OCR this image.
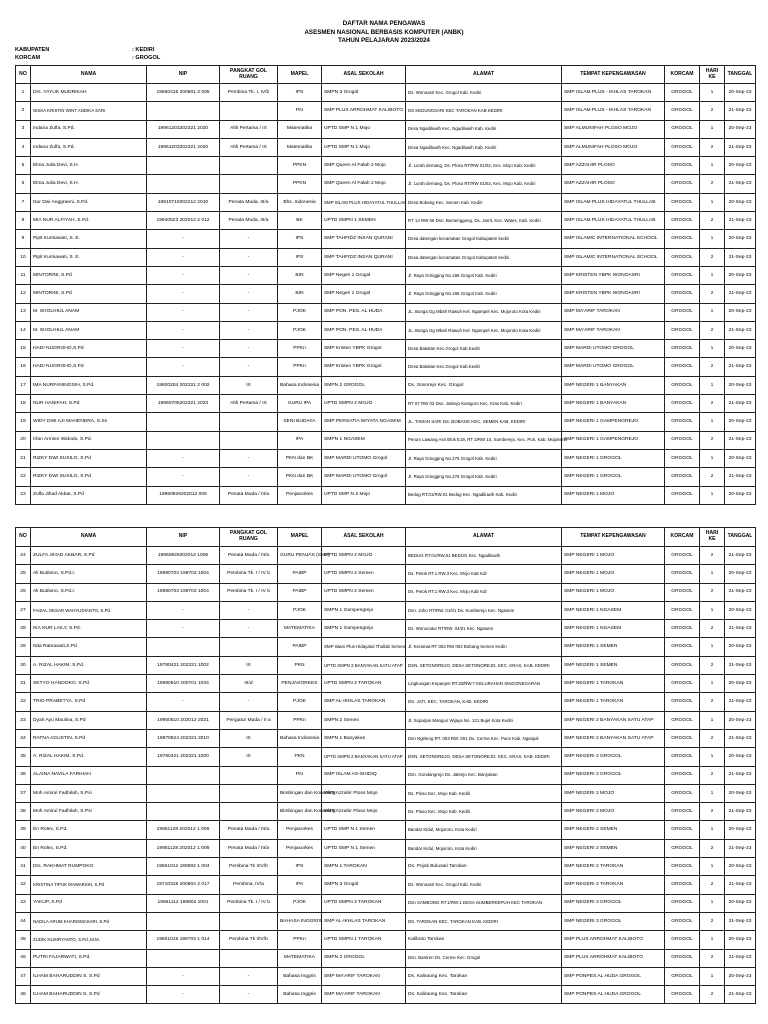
DAFTAR NAMA PENGAWAS
ASESMEN NASIONAL BERBASIS KOMPUTER (ANBK)
TAHUN PELAJARAN 2023/2024
KABUPATEN	: KEDIRI
KORCAM	: GROGOL
NO	NAMA	NIP	PANGKAT GOL RUANG	MAPEL	ASAL SEKOLAH	ALAMAT	TEMPAT KEPENGAWASAN	KORCAM	HARI KE	TANGGAL
1	Drs. YAYUK MUDRIKAH	19660415 200501 2 005	Pembina Tk. I, IV/b	IPS	SMPN 3 Grogol	Ds. Wonoasri Kec. Grogol Kab. Kediri	SMP ISLAM PLUS - IKHLAS TAROKAN	GROGOL	1	20-Sep-23
2	NISKA KRISTIN WINT ANDIKA SARI			PAI	SMP PLUS ARROHMAT KALIBOTO	DS KEDUNGSARI KEC TAROKAN KAB KEDIRI	SMP ISLAM PLUS - IKHLAS TAROKAN	GROGOL	2	21-Sep-23
3	Indana Zulfa, S.Pd.	19961203202321 2020	Ahli Pertama / IX	Matematika	UPTD SMP N 1 Mojo	Desa Ngadiluwih Kec. Ngadiluwih Kab. Kediri	SMP ALMUNIFAH PLOSO MOJO	GROGOL	1	20-Sep-23
4	Indana Zulfa, S.Pd.	19961203202321 2020	Ahli Pertama / IX	Matematika	UPTD SMP N 1 Mojo	Desa Ngadiluwih Kec. Ngadiluwih Kab. Kediri	SMP ALMUNIFAH PLOSO MOJO	GROGOL	2	21-Sep-23
5	Elma Julia Devi, S.H.			PPKN	SMP Queen Al Falah 2 Mojo	Jl. Lurah demang, Ds. Ploso RT/RW 01/02, Kec. Mojo Kab. Kediri	SMP AZZAHIR PLOSO	GROGOL	1	20-Sep-23
6	Elma Julia Devi, S.H.			PPKN	SMP Queen Al Falah 2 Mojo	Jl. Lurah demang, Ds. Ploso RT/RW 01/02, Kec. Mojo Kab. Kediri	SMP AZZAHIR PLOSO	GROGOL	2	21-Sep-23
7	Nur Dwi Anggraeni, S.Pd.	19910719202212 2010	Penata Muda, III/a	Bhs. Indonesia	SMP ISLAM PLUS HIDAYATUL THULLAB	Desa Bobang Kec. Semen Kab. Kediri	SMP ISLAM PLUS HIDAYATUL THULLAB	GROGOL	1	20-Sep-23
8	MIA NUR ALFIYAH, S.Pd.	19940523 202012 2 012	Penata Muda, III/a	BK	UPTD SMPN 1 SEMEN	RT 14 RW 06 Dsn. Bemenggeng, Ds. Jarrit, Kec. Wates, Kab. Kediri	SMP ISLAM PLUS HIDAYATUL THULLAB	GROGOL	2	21-Sep-23
9	Pipit Kurniawati, S. E.	-	-	IPS	SMP TAHFIDZ INSAN QURANI	Desa datengan kecamatan Grogol Kabupaten kediri	SMP ISLAMIC INTERNATIONAL SCHOOL	GROGOL	1	20-Sep-23
10	Pipit Kurniawati, S. E.	-	-	IPS	SMP TAHFIDZ INSAN QURANI	Desa datengan kecamatan Grogol Kabupaten kediri	SMP ISLAMIC INTERNATIONAL SCHOOL	GROGOL	2	21-Sep-23
11	MINTORINI, S.Pd	-	-	BIN	SMP Negeri 1 Grogol	Jl. Raya Gringging No.196 Grogol Kab. Kediri	SMP KRISTEN YBPK WONOASRI	GROGOL	1	20-Sep-23
12	MINTORINI, S.Pd	-	-	BIN	SMP Negeri 1 Grogol	Jl. Raya Gringging No.196 Grogol Kab. Kediri	SMP KRISTEN YBPK WONOASRI	GROGOL	2	21-Sep-23
13	M. SHOLIHUL ANAM	-	-	PJOK	SMP PON. PES. AL HUDA	JL. Bunga Gg Mbah Rawuh Kel. Ngampel Kec. Mojoroto Kota Kediri	SMP MA'ARIF TAROKAN	GROGOL	1	20-Sep-23
14	M. SHOLIHUL ANAM	-	-	PJOK	SMP PON. PES. AL HUDA	JL. Bunga Gg Mbah Rawuh Kel. Ngampel Kec. Mojoroto Kota Kediri	SMP MA'ARIF TAROKAN	GROGOL	2	21-Sep-23
15	HADI NUGROHO,S.Pd	-	-	PPKn	SMP Kristen YBPK Grogol	Desa Bakalan Kec.Grogol Kab.Kediri	SMP MARDI UTOMO GROGOL	GROGOL	1	20-Sep-23
16	HADI NUGROHO,S.Pd	-	-	PPKn	SMP Kristen YBPK Grogol	Desa Bakalan Kec.Grogol Kab.Kediri	SMP MARDI UTOMO GROGOL	GROGOL	2	21-Sep-23
17	IMA NURFANINGSIH, S.Pd.	19920204 202221 2 002	IX	Bahasa Indonesia	SMPN 2 GROGOL	Ds. Sonorejo Kec. Grogol	SMP NEGERI 1 BANYAKAN	GROGOL	1	20-Sep-23
18	NUR HANIFAH, S.Pd	19960705202321 2023	Ahli Pertama / IX	GURU IPA	UPTD SMPN 2 MOJO	RT 07 RW 03 Dsn. Jatirejo Kanigoro Kec. Kras Kab. Kediri	SMP NEGERI 1 BANYAKAN	GROGOL	2	21-Sep-23
19	WIDY DWI AJI MAHENDRA, S.Sn			SENI BUDAYA	SMP PERSATIA WIYATA NGASEM	JL. TAMAN SARI DS. BOBANG KEC. SEMEN KAB. KEDIRI	SMP NEGERI 1 GAMPENGREJO	GROGOL	1	20-Sep-23
20	Irfan Armien Widodo, S.Pd.			IPA	SMPN 1 NGASEM	Perum Lawang Asri Blok E19, RT 2/RW 10, Sumberejo, Kec. Puri, Kab. Mojokerto	SMP NEGERI 1 GAMPENGREJO	GROGOL	2	21-Sep-23
21	RIZKY DWI SUSILO, S.Pd	-	-	PKN dan BK	SMP MARDI UTOMO Grogol	Jl. Raya Gringging No.276 Grogol Kab. Kediri	SMP NEGERI 1 GROGOL	GROGOL	1	20-Sep-23
22	RIZKY DWI SUSILO, S.Pd	-	-	PKN dan BK	SMP MARDI UTOMO Grogol	Jl. Raya Gringging No.276 Grogol Kab. Kediri	SMP NEGERI 1 GROGOL	GROGOL	2	21-Sep-23
23	Zulfa Jihad Akbar, S.Pd	19960828202012 005	Penata Muda / III/a	Penjasorkes	UPTD SMP N 2 Mojo	Bedug RT.01/RW.01 Bedug Kec. Ngadiluwih Kab. Kediri	SMP NEGERI 1 MOJO	GROGOL	1	20-Sep-23
NO	NAMA	NIP	PANGKAT GOL RUANG	MAPEL	ASAL SEKOLAH	ALAMAT	TEMPAT KEPENGAWASAN	KORCAM	HARI KE	TANGGAL
24	ZULFA JIHAD AKBAR, S.Pd	19960828202012 1005	Penata Muda / III/a	GURU PENJAS (SMP)	UPTD SMPN 2 MOJO	BEDUG RT.01/RW.01 BEDUG Kec. Ngadiluwih	SMP NEGERI 1 MOJO	GROGOL	2	21-Sep-23
25	Ali Budiono, S.Pd.I.	19680703 198703 1004	Pembina Tk. I / IV b	PAIBP	UPTD SMPN 2 Semen	Ds. Petok RT.1 RW.3 Kec. Mojo Kab Kdr	SMP NEGERI 1 MOJO	GROGOL	1	20-Sep-23
26	Ali Budiono, S.Pd.I.	19680703 198703 1004	Pembina Tk. I / IV b	PAIBP	UPTD SMPN 2 Semen	Ds. Petok RT.1 RW.3 Kec. Mojo Kab Kdr	SMP NEGERI 1 MOJO	GROGOL	2	21-Sep-23
27	FAIZAL OESAR WAHYUDIANTO, S.Pd	-	-	PJOK	SMPN 1 Gampengrejo	Dsn. Joho RT/RW. 01/01 Ds. Sumberejo Kec. Ngasem	SMP NEGERI 1 NGASEM	GROGOL	1	20-Sep-23
28	IKA NUR LAILY, S.Pd.	-	-	MATEMATIKA	SMPN 1 Gampengrejo	Ds. Wonocatur RT/RW. 04/01 Kec. Ngasem	SMP NEGERI 1 NGASEM	GROGOL	2	21-Sep-23
29	Nita Ratnawati,S.Pd			PAIBP	SMP Islam Plus Hidayatul Thullab Semen	Jl. Keramat RT 003 RW 004 Bobang Semen Kediri	SMP NEGERI 1 SEMEN	GROGOL	1	20-Sep-23
30	A. RIZAL HAKIM, S.Pd.	19780421 202321 1002	IX	PKN	UPTD SMPN 2 BANYAKAN SATU ATAP	DSN. SETONOREJO, DESA SETONOREJO, KEC. KRAS, KAB. KEDIRI	SMP NEGERI 1 SEMEN	GROGOL	2	21-Sep-23
31	SETYO HANDOKO. S.Pd	19680510 200701 1034	III/d	PENJASORKES	UPTD SMPN 2 TAROKAN	Lingkungan Kepanjen RT.33/RW.7 KELURAHAN SINGONEGARAN	SMP NEGERI 1 TAROKAN	GROGOL	1	20-Sep-23
32	TRIO PRABETYA, S.Pd	-	-	PJOK	SMP AL-IKHLAS TAROKAN	DS. JATI, KEC. TAROKAN, KAB. KEDIRI	SMP NEGERI 1 TAROKAN	GROGOL	2	21-Sep-23
33	Dyah Ayu Maulina, S.Pd	19950510 202012 2021	Pengatur Muda / II a	PPKn	SMPN 2 Semen	Jl. Suparjan Mangun Wijaya No. 121 Bujel Kota Kediri	SMP NEGERI 2 BANYAKAN SATU ATAP	GROGOL	1	20-Sep-23
34	RATNA AGUSTIN, S.Pd	19970824 202321 2010	IX	Bahasa Indonesia	SMPN 1 Banyakan	Dsn Ngeleng RT. 003 RW. 001 Ds. Cerme Kec. Pace Kab. Nganjuk	SMP NEGERI 2 BANYAKAN SATU ATAP	GROGOL	2	21-Sep-23
35	A. RIZAL HAKIM, S.Pd.	19780421 202321 1000	IX	PKN	UPTD SMPN 2 BANYAKAN SATU ATAP	DSN. SETONOREJO, DESA SETONOREJO, KEC. KRAS, KAB. KEDIRI	SMP NEGERI 2 GROGOL	GROGOL	1	20-Sep-23
36	ALAINA NAVILA FARIHAH			PAI	SMP ISLAM AS-SHIDIQ	Dsn. Gondangrejo Ds. Jatirejo Kec. Banyakan	SMP NEGERI 2 GROGOL	GROGOL	2	21-Sep-23
37	Moh Amirul Fadhilah, S.Psi			Bimbingan dan Konseling	SMP Azzahir Ploso Mojo	Ds. Ploso Kec. Mojo Kab. Kediri	SMP NEGERI 2 MOJO	GROGOL	1	20-Sep-23
38	Moh Amirul Fadhilah, S.Psi			Bimbingan dan Konseling	SMP Azzahir Ploso Mojo	Ds. Ploso Kec. Mojo Kab. Kediri	SMP NEGERI 2 MOJO	GROGOL	2	21-Sep-23
39	En Rolex, S.Pd.	19951128 202012 1 006	Penata Muda / III/a	Penjasorkes	UPTD SMP N 1 Semen	Bandar Kidul, Mojoroto, Kota Kediri	SMP NEGERI 2 SEMEN	GROGOL	1	20-Sep-23
40	En Rolex, S.Pd.	19951128 202012 1 006	Penata Muda / III/a	Penjasorkes	UPTD SMP N 1 Semen	Bandar Kidul, Mojoroto, Kota Kediri	SMP NEGERI 2 SEMEN	GROGOL	2	21-Sep-23
41	Drs. RAKHMAT RUMPOKO	19661012 199802 1 004	Pembina Tk I/IV/b	IPS	SMPN 1 TAROKAN	Ds. Pojok Bulusari Tarokan	SMP NEGERI 2 TAROKAN	GROGOL	1	20-Sep-23
42	KRISTINA TIPUK MAWARSIH, S.Pd	19710319 200604 2 017	Pembina, IV/a	IPA	SMPN 3 Grogol	Ds. Wonoasri Kec. Grogol Kab. Kediri	SMP NEGERI 2 TAROKAN	GROGOL	2	21-Sep-23
43	YAKUP, S.Pd	19661112 199802 1001	Pembina Tk. I / IV b	PJOK	UPTD SMPN 2 TAROKAN	Dsn SAMBONG RT:1/RW:1 DESA SUMBERKEPUH KEC TAROKAN	SMP NEGERI 3 GROGOL	GROGOL	1	20-Sep-23
44	NADILA ARUM KHARISMASARI, S.Pd			BAHASA INGGRIS	SMP AL-IKHLAS TAROKAN	DS. TAROKAN KEC. TAROKAN KAB. KEDIRI	SMP NEGERI 3 GROGOL	GROGOL	2	21-Sep-23
45	ZUDIK NUSIRYANTO, S.Pd.,M.M.	19651015 198703 1 014	Pembina Tk I/IV/b	PPKn	UPTD SMPN 1 TAROKAN	Kaliboto Tarokan	SMP PLUS ARROHMAT KALIBOTO	GROGOL	1	20-Sep-23
46	PUTRI FAJARWATI, S.Pd.			MATEMATIKA	SMPN 2 GROGOL	Dsn. Bantren Ds. Cerme Kec. Grogol	SMP PLUS ARROHMAT KALIBOTO	GROGOL	2	21-Sep-23
47	ILHAM BAHARUDDIN S, S.Pd	-	-	Bahasa Inggris	SMP MA'ARIF TAROKAN	Ds. Kaliraong Kec. Tarokan	SMP PONPES AL HUDA GROGOL	GROGOL	1	20-Sep-23
48	ILHAM BAHARUDDIN S, S.Pd	-	-	Bahasa Inggris	SMP MA'ARIF TAROKAN	Ds. Kaliraong Kec. Tarokan	SMP PONPES AL HUDA GROGOL	GROGOL	2	21-Sep-23
